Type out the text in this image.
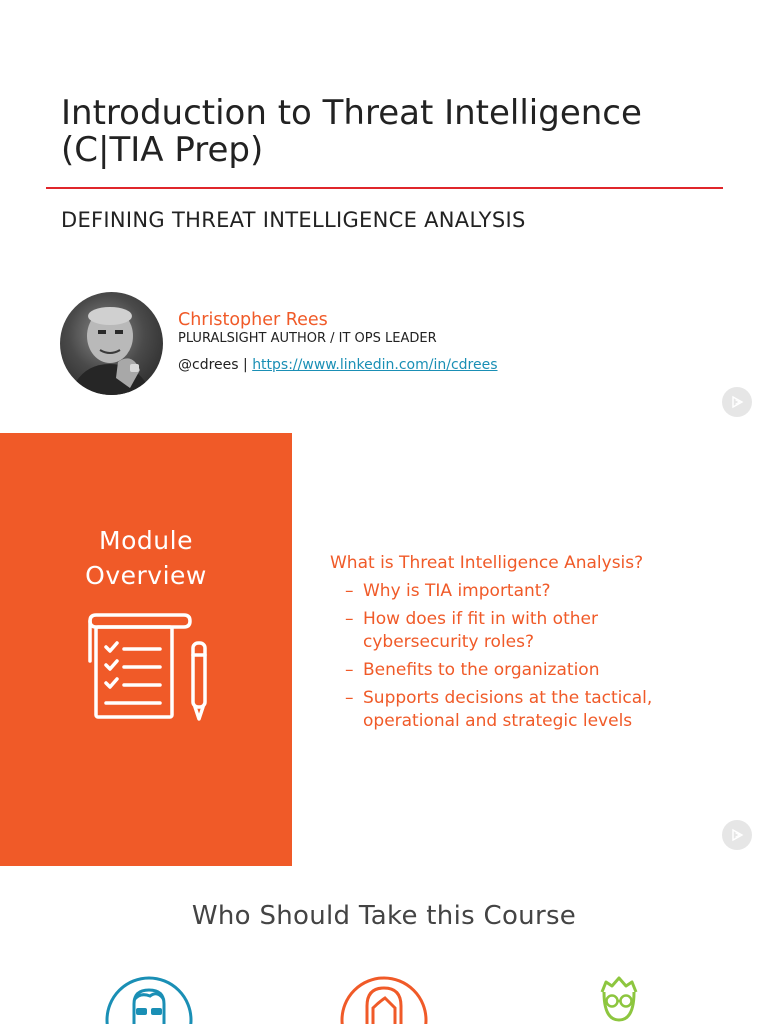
Introduction to Threat Intelligence
(C|TIA Prep)
DEFINING THREAT INTELLIGENCE ANALYSIS
Christopher Rees
PLURALSIGHT AUTHOR / IT OPS LEADER
@cdrees | https://www.linkedin.com/in/cdrees
Module
Overview	What is Threat Intelligence Analysis?
– Why is TIA important?
– How does if fit in with other cybersecurity roles?
– Benefits to the organization
– Supports decisions at the tactical, operational and strategic levels
Who Should Take this Course
